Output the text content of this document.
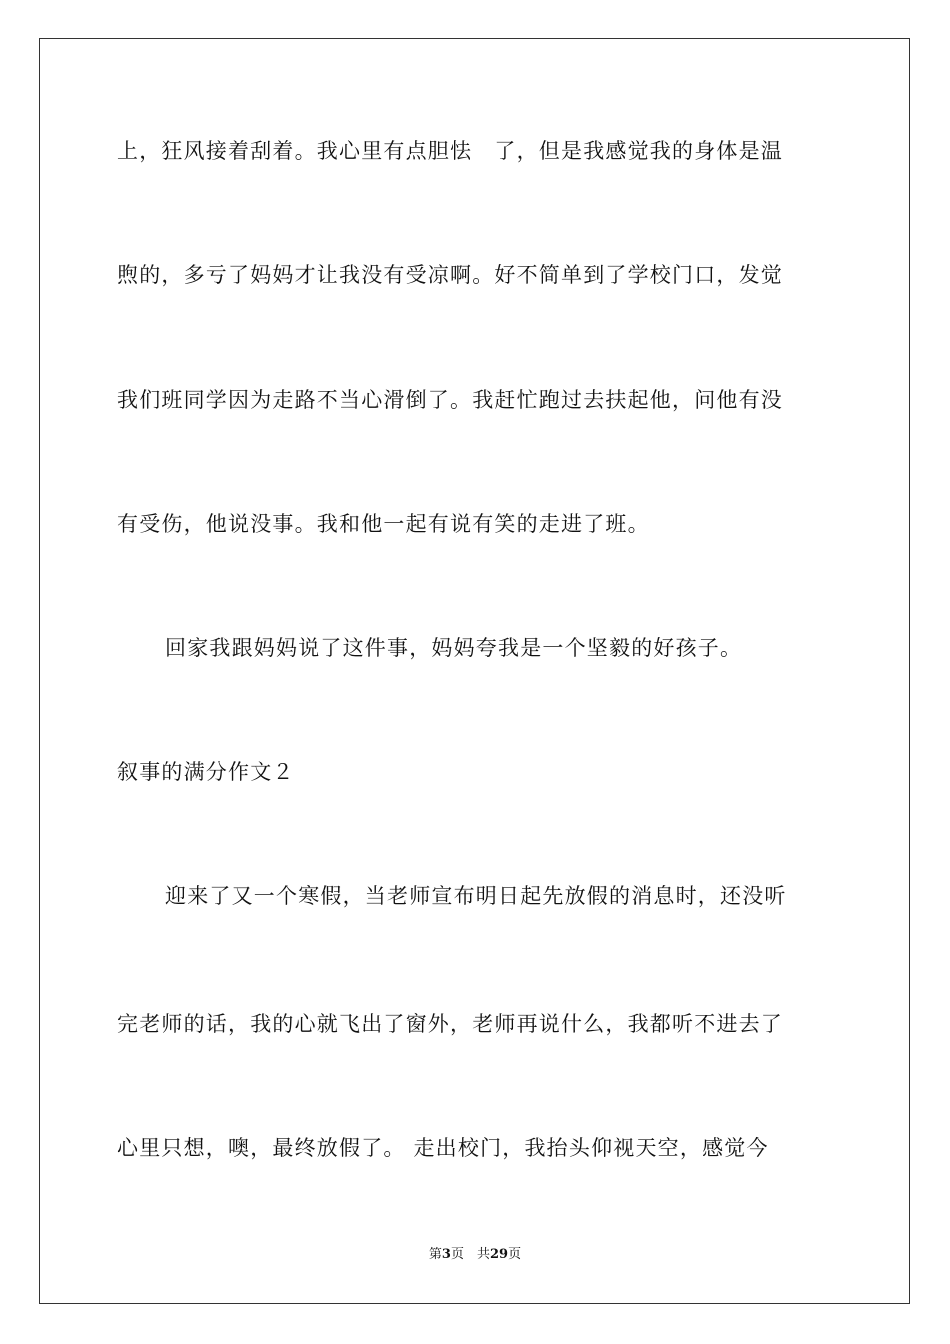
上，狂风接着刮着。我心里有点胆怯　了，但是我感觉我的身体是温
煦的，多亏了妈妈才让我没有受凉啊。好不简单到了学校门口，发觉
我们班同学因为走路不当心滑倒了。我赶忙跑过去扶起他，问他有没
有受伤，他说没事。我和他一起有说有笑的走进了班。
回家我跟妈妈说了这件事，妈妈夸我是一个坚毅的好孩子。
叙事的满分作文２
迎来了又一个寒假，当老师宣布明日起先放假的消息时，还没听
完老师的话，我的心就飞出了窗外，老师再说什么，我都听不进去了
心里只想，噢，最终放假了。 走出校门，我抬头仰视天空，感觉今
第3页　共29页
